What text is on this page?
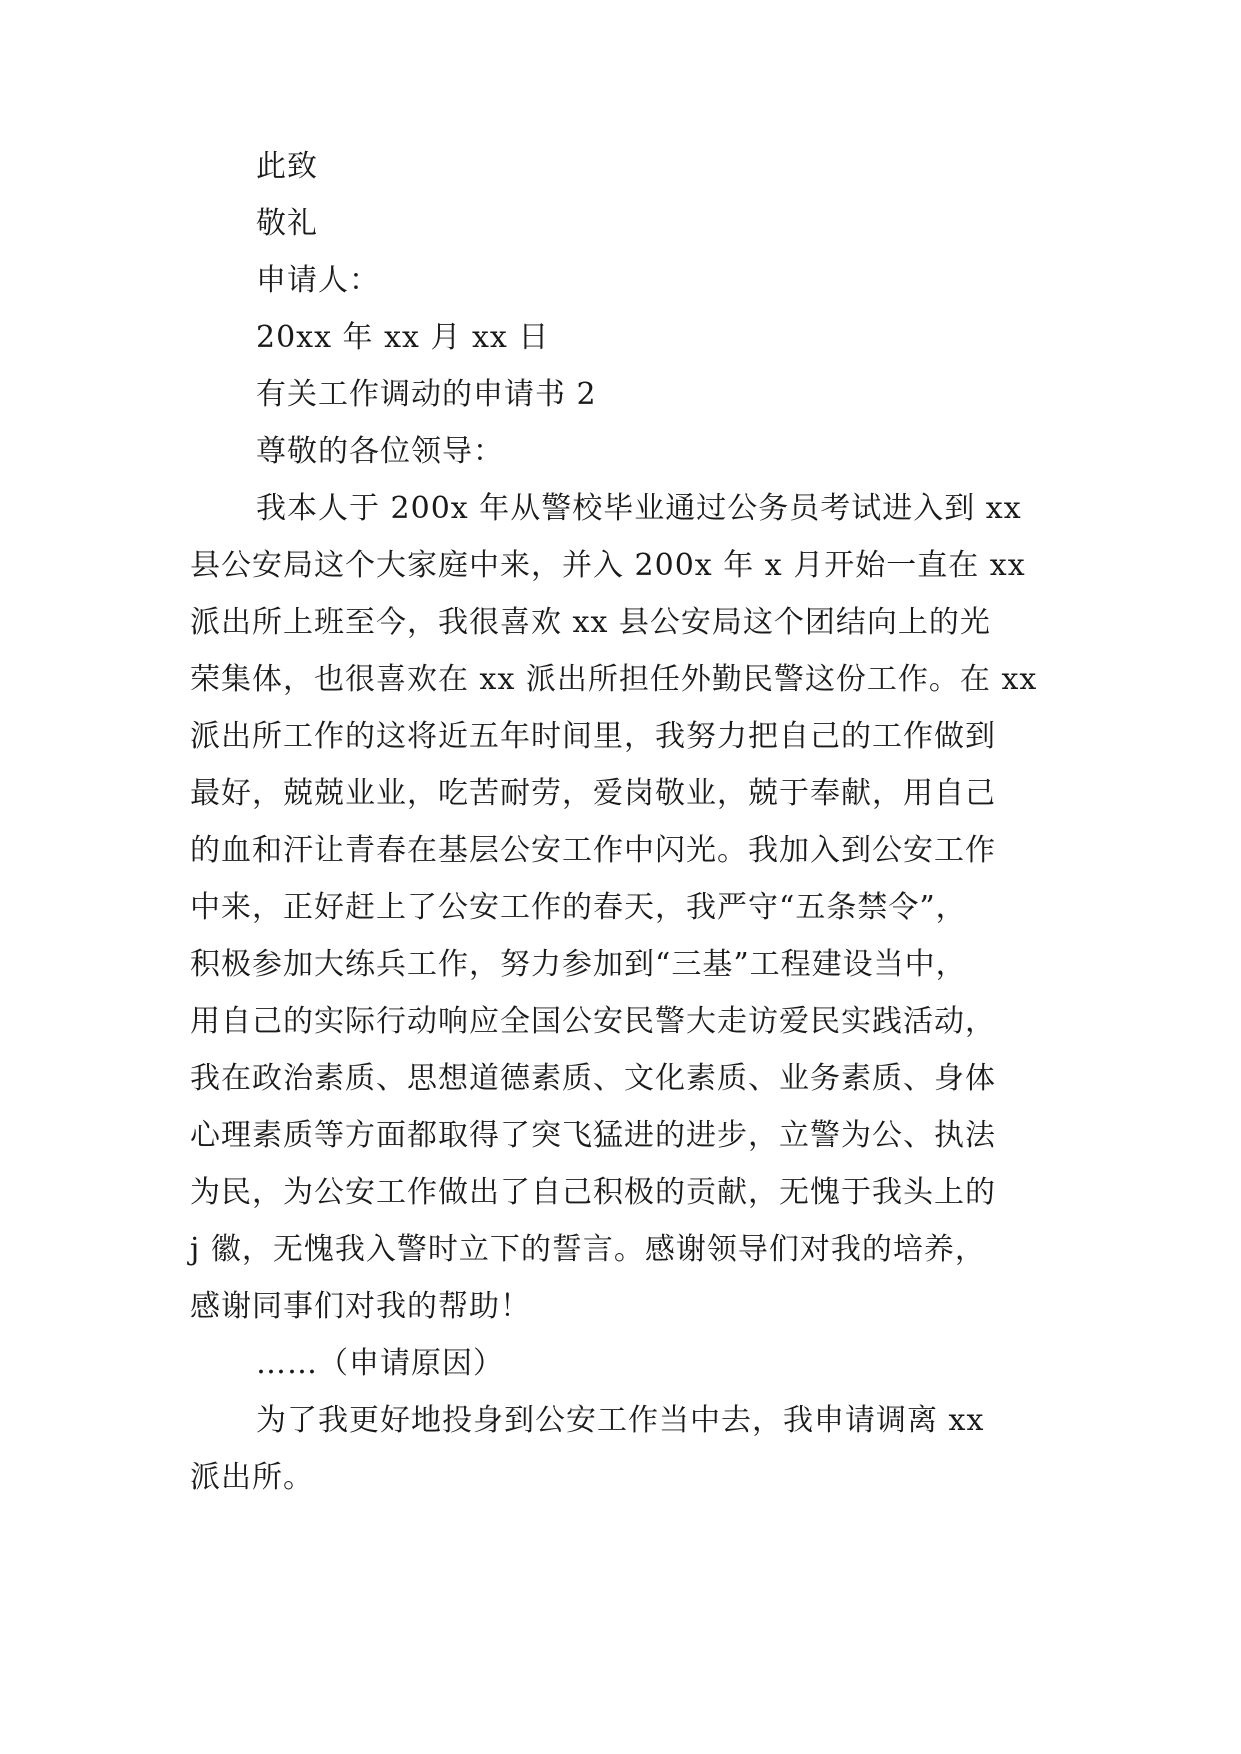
此致
敬礼
申请人：
20xx 年 xx 月 xx 日
有关工作调动的申请书 2
尊敬的各位领导：
我本人于 200x 年从警校毕业通过公务员考试进入到 xx
县公安局这个大家庭中来，并入 200x 年 x 月开始一直在 xx
派出所上班至今，我很喜欢 xx 县公安局这个团结向上的光
荣集体，也很喜欢在 xx 派出所担任外勤民警这份工作。在 xx
派出所工作的这将近五年时间里，我努力把自己的工作做到
最好，兢兢业业，吃苦耐劳，爱岗敬业，兢于奉献，用自己
的血和汗让青春在基层公安工作中闪光。我加入到公安工作
中来，正好赶上了公安工作的春天，我严守“五条禁令”，
积极参加大练兵工作，努力参加到“三基”工程建设当中，
用自己的实际行动响应全国公安民警大走访爱民实践活动，
我在政治素质、思想道德素质、文化素质、业务素质、身体
心理素质等方面都取得了突飞猛进的进步，立警为公、执法
为民，为公安工作做出了自己积极的贡献，无愧于我头上的
j 徽，无愧我入警时立下的誓言。感谢领导们对我的培养，
感谢同事们对我的帮助！
……（申请原因）
为了我更好地投身到公安工作当中去，我申请调离 xx
派出所。
